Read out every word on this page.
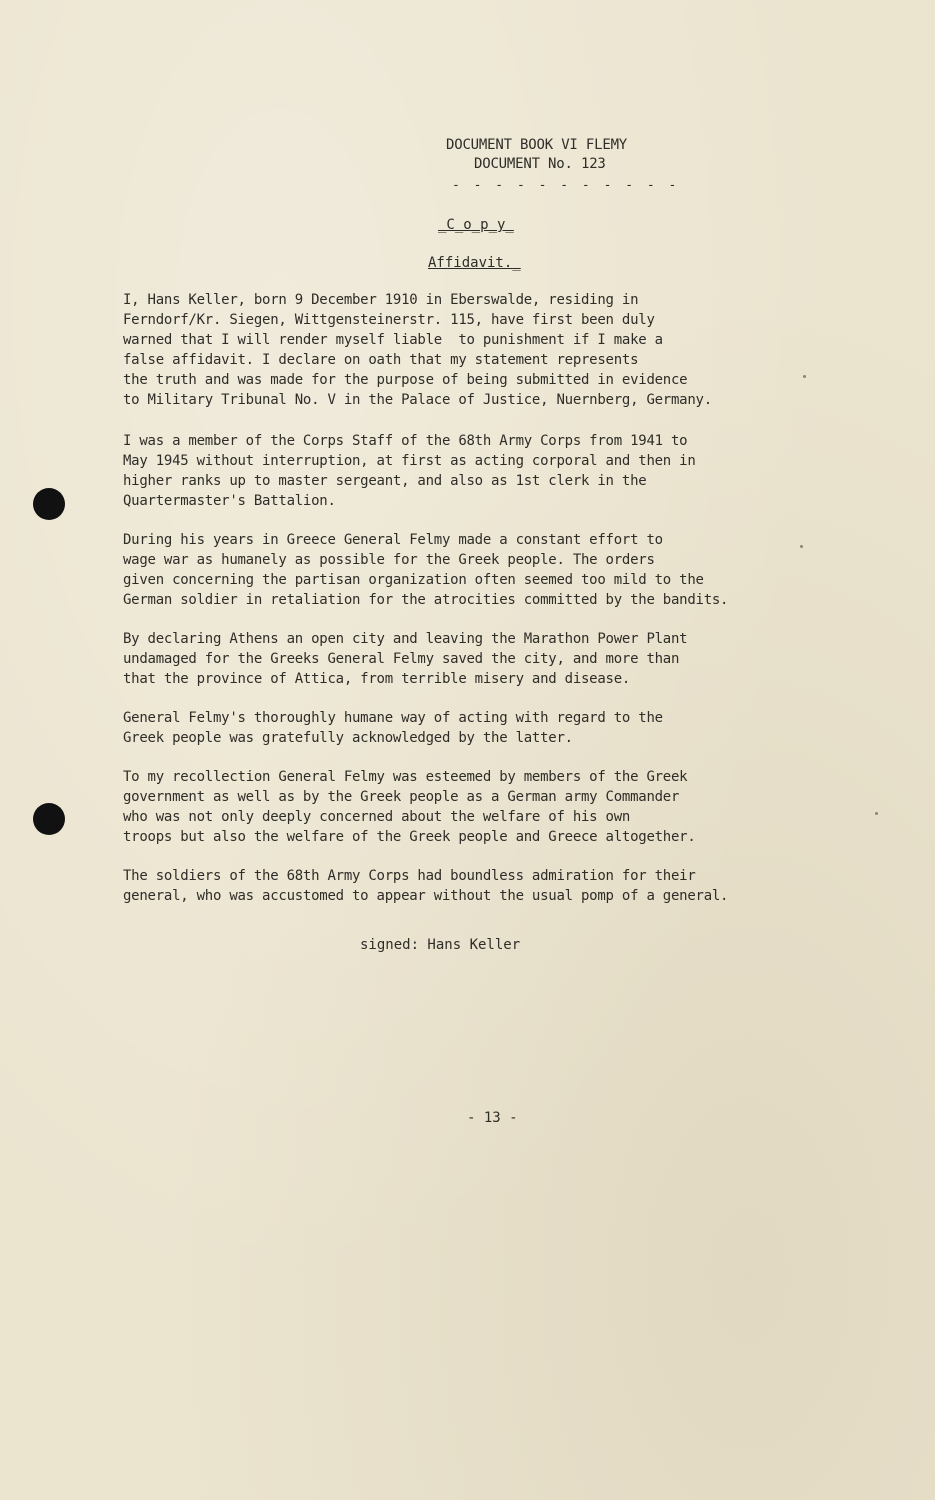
DOCUMENT BOOK VI FLEMY
DOCUMENT No. 123
- - - - - - - - - - -
_C_o_p_y_
Affidavit._

I, Hans Keller, born 9 December 1910 in Eberswalde, residing in
Ferndorf/Kr. Siegen, Wittgensteinerstr. 115, have first been duly
warned that I will render myself liable  to punishment if I make a
false affidavit. I declare on oath that my statement represents
the truth and was made for the purpose of being submitted in evidence
to Military Tribunal No. V in the Palace of Justice, Nuernberg, Germany.

I was a member of the Corps Staff of the 68th Army Corps from 1941 to
May 1945 without interruption, at first as acting corporal and then in
higher ranks up to master sergeant, and also as 1st clerk in the
Quartermaster's Battalion.

During his years in Greece General Felmy made a constant effort to
wage war as humanely as possible for the Greek people. The orders
given concerning the partisan organization often seemed too mild to the
German soldier in retaliation for the atrocities committed by the bandits.

By declaring Athens an open city and leaving the Marathon Power Plant
undamaged for the Greeks General Felmy saved the city, and more than
that the province of Attica, from terrible misery and disease.

General Felmy's thoroughly humane way of acting with regard to the
Greek people was gratefully acknowledged by the latter.

To my recollection General Felmy was esteemed by members of the Greek
government as well as by the Greek people as a German army Commander
who was not only deeply concerned about the welfare of his own
troops but also the welfare of the Greek people and Greece altogether.

The soldiers of the 68th Army Corps had boundless admiration for their
general, who was accustomed to appear without the usual pomp of a general.

signed: Hans Keller
- 13 -
